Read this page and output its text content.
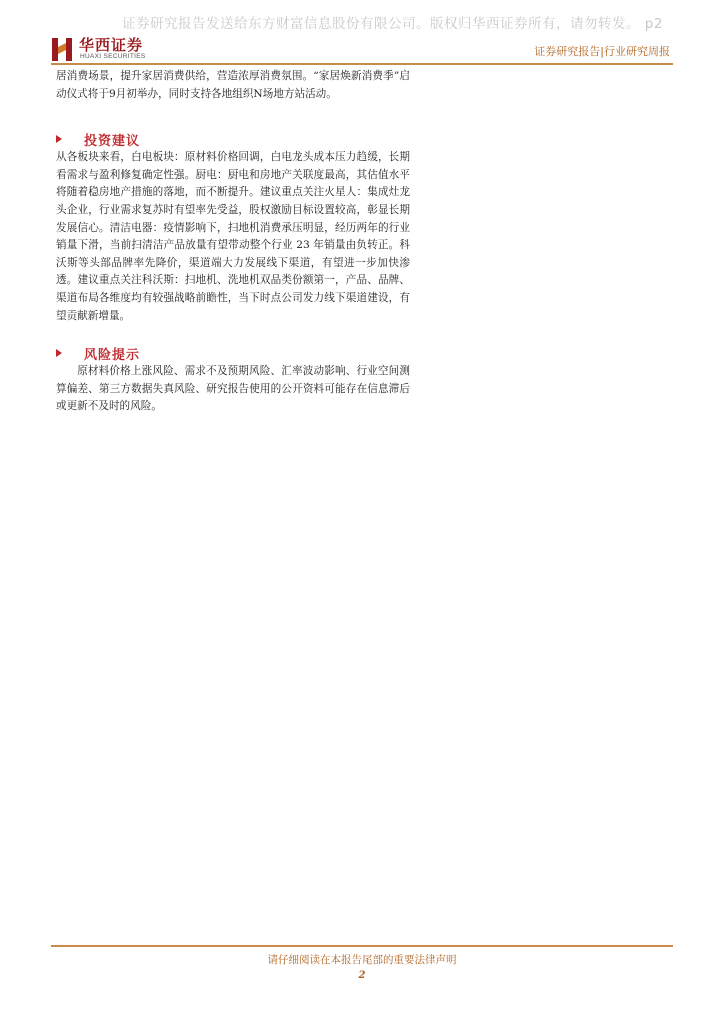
证券研究报告发送给东方财富信息股份有限公司。版权归华西证券所有，请勿转发。 p2
华西证券
HUAXI SECURITIES	证券研究报告|行业研究周报

居消费场景，提升家居消费供给，营造浓厚消费氛围。“家居焕新消费季”启动仪式将于9月初举办，同时支持各地组织N场地方站活动。

投资建议

从各板块来看，白电板块：原材料价格回调，白电龙头成本压力趋缓，长期看需求与盈利修复确定性强。厨电：厨电和房地产关联度最高，其估值水平将随着稳房地产措施的落地，而不断提升。建议重点关注火星人：集成灶龙头企业，行业需求复苏时有望率先受益，股权激励目标设置较高，彰显长期发展信心。清洁电器：疫情影响下，扫地机消费承压明显，经历两年的行业销量下滑，当前扫清洁产品放量有望带动整个行业 23 年销量由负转正。科沃斯等头部品牌率先降价，渠道端大力发展线下渠道，有望进一步加快渗透。建议重点关注科沃斯：扫地机、洗地机双品类份额第一，产品、品牌、渠道布局各维度均有较强战略前瞻性，当下时点公司发力线下渠道建设，有望贡献新增量。

风险提示

原材料价格上涨风险、需求不及预期风险、汇率波动影响、行业空间测算偏差、第三方数据失真风险、研究报告使用的公开资料可能存在信息滞后或更新不及时的风险。

请仔细阅读在本报告尾部的重要法律声明
2
